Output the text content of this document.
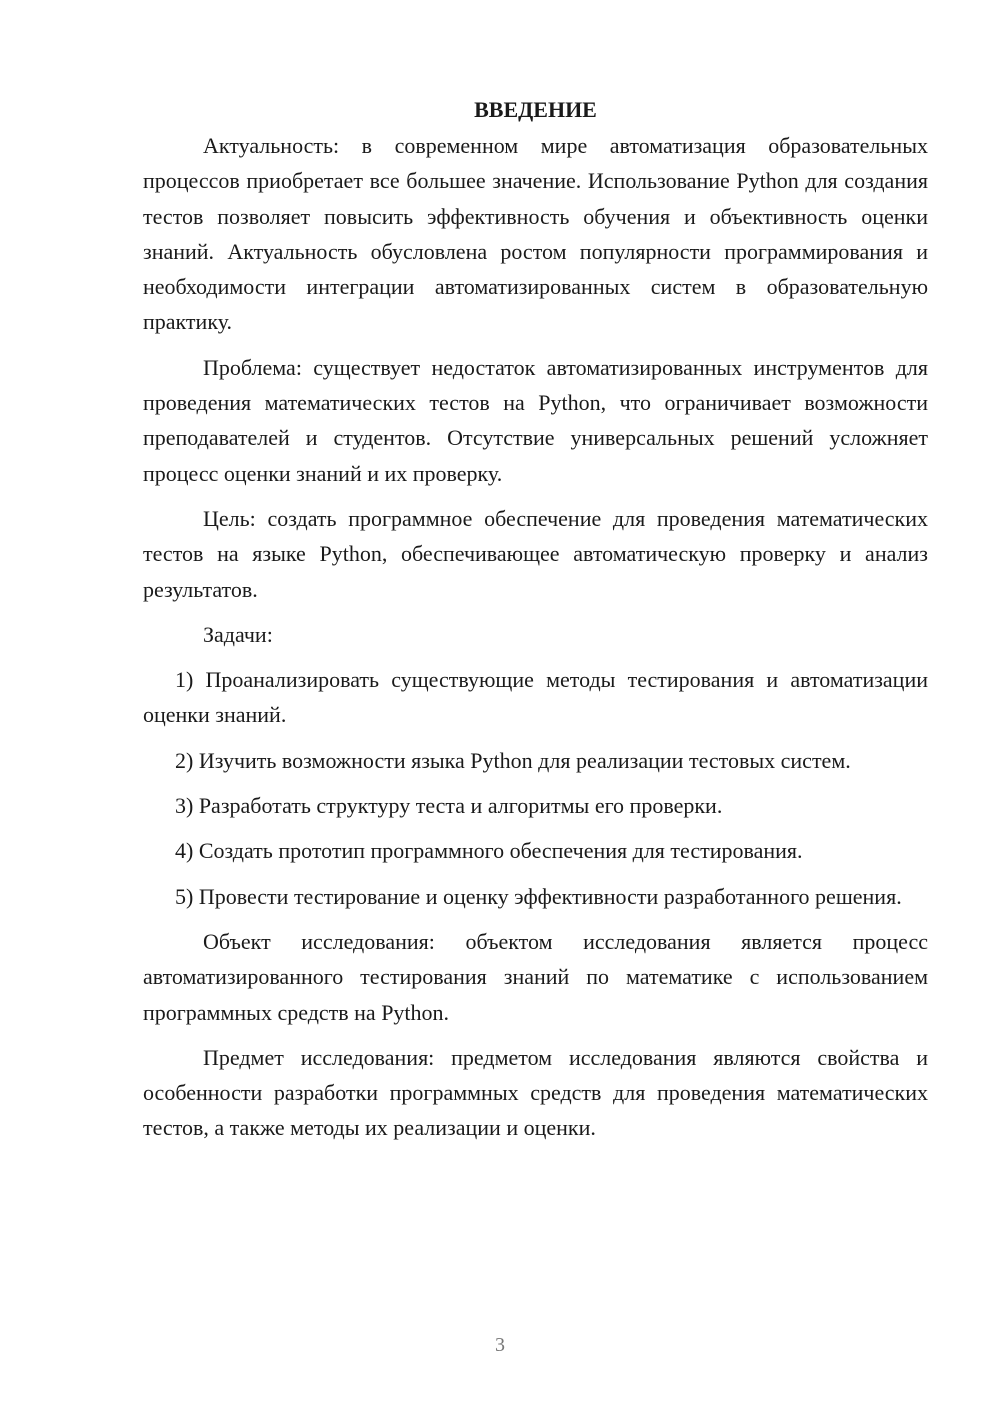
ВВЕДЕНИЕ

Актуальность: в современном мире автоматизация образовательных процессов приобретает все большее значение. Использование Python для создания тестов позволяет повысить эффективность обучения и объективность оценки знаний. Актуальность обусловлена ростом популярности программирования и необходимости интеграции автоматизированных систем в образовательную практику.

Проблема: существует недостаток автоматизированных инструментов для проведения математических тестов на Python, что ограничивает возможности преподавателей и студентов. Отсутствие универсальных решений усложняет процесс оценки знаний и их проверку.

Цель: создать программное обеспечение для проведения математических тестов на языке Python, обеспечивающее автоматическую проверку и анализ результатов.

Задачи:

1) Проанализировать существующие методы тестирования и автоматизации оценки знаний.

2) Изучить возможности языка Python для реализации тестовых систем.

3) Разработать структуру теста и алгоритмы его проверки.

4) Создать прототип программного обеспечения для тестирования.

5) Провести тестирование и оценку эффективности разработанного решения.

Объект исследования: объектом исследования является процесс автоматизированного тестирования знаний по математике с использованием программных средств на Python.

Предмет исследования: предметом исследования являются свойства и особенности разработки программных средств для проведения математических тестов, а также методы их реализации и оценки.

3
